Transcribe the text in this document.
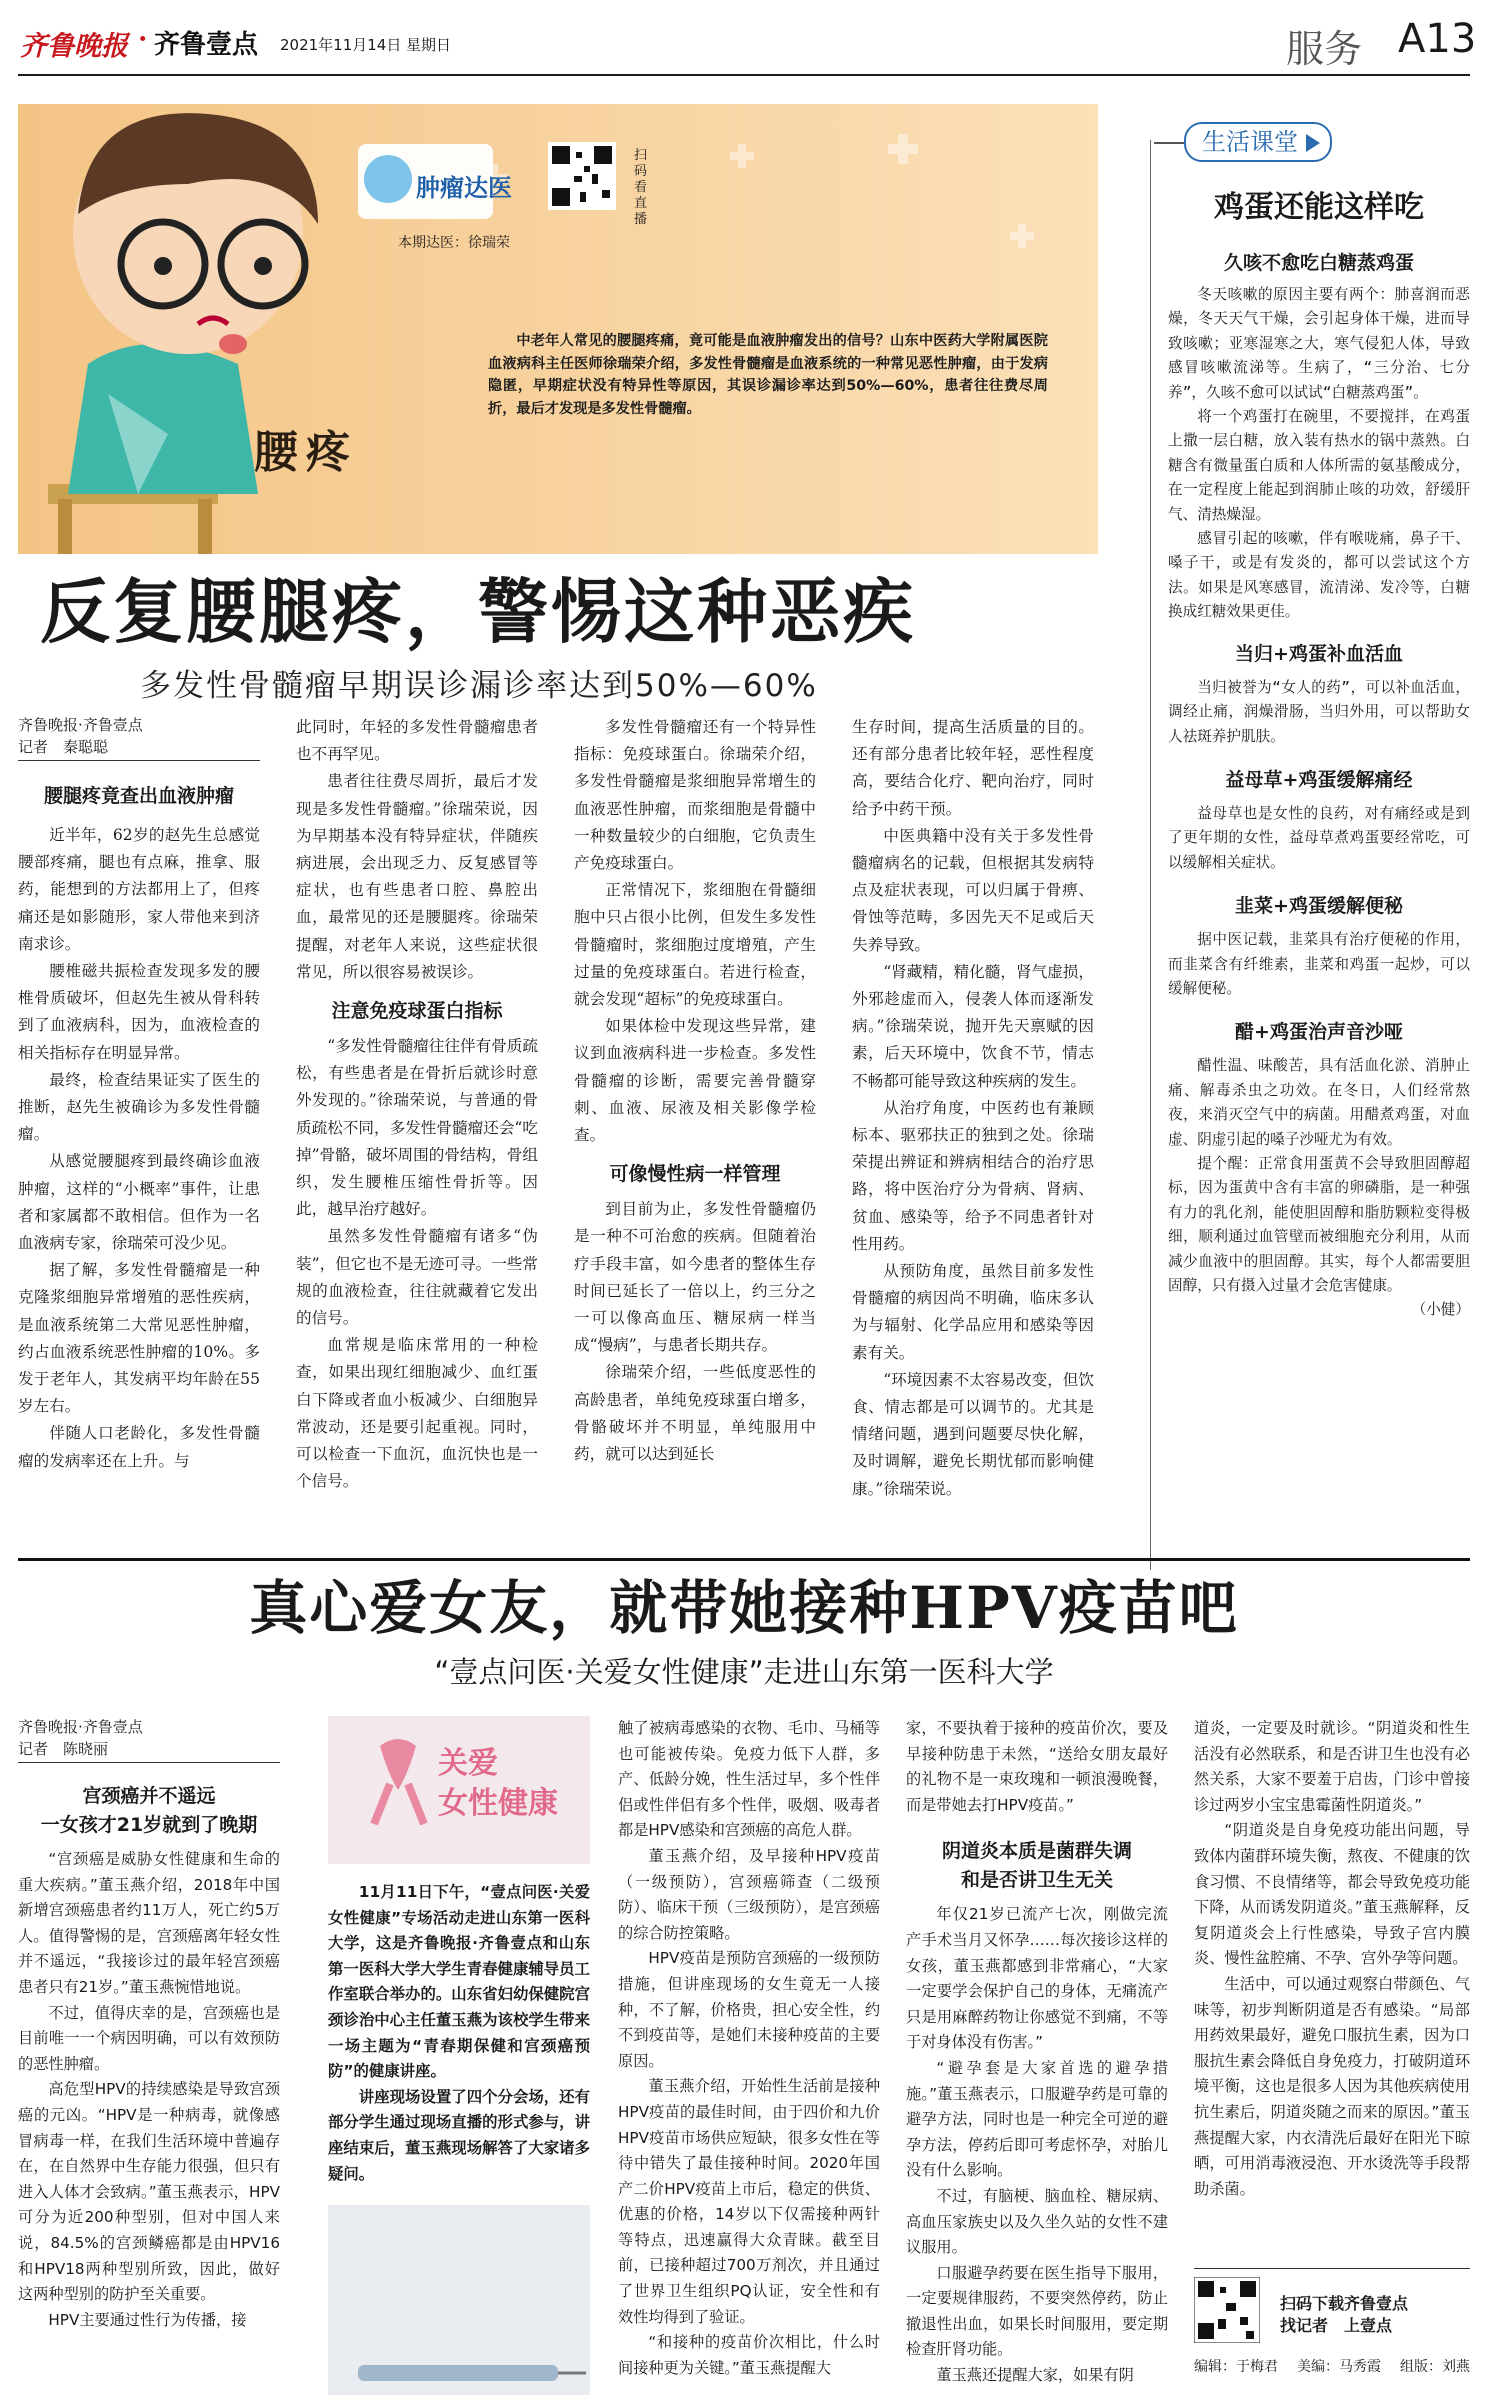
齐鲁晚报 · 齐鲁壹点 2021年11月14日 星期日	服务 A13
肿瘤达医
本期达医：徐瑞荣
扫码看直播
腰疼
中老年人常见的腰腿疼痛，竟可能是血液肿瘤发出的信号？山东中医药大学附属医院血液病科主任医师徐瑞荣介绍，多发性骨髓瘤是血液系统的一种常见恶性肿瘤，由于发病隐匿，早期症状没有特异性等原因，其误诊漏诊率达到50%—60%，患者往往费尽周折，最后才发现是多发性骨髓瘤。
反复腰腿疼，警惕这种恶疾
多发性骨髓瘤早期误诊漏诊率达到50%—60%
齐鲁晚报·齐鲁壹点
记者　秦聪聪
腰腿疼竟查出血液肿瘤

近半年，62岁的赵先生总感觉腰部疼痛，腿也有点麻，推拿、服药，能想到的方法都用上了，但疼痛还是如影随形，家人带他来到济南求诊。

腰椎磁共振检查发现多发的腰椎骨质破坏，但赵先生被从骨科转到了血液病科，因为，血液检查的相关指标存在明显异常。

最终，检查结果证实了医生的推断，赵先生被确诊为多发性骨髓瘤。

从感觉腰腿疼到最终确诊血液肿瘤，这样的“小概率”事件，让患者和家属都不敢相信。但作为一名血液病专家，徐瑞荣可没少见。

据了解，多发性骨髓瘤是一种克隆浆细胞异常增殖的恶性疾病，是血液系统第二大常见恶性肿瘤，约占血液系统恶性肿瘤的10%。多发于老年人，其发病平均年龄在55岁左右。

伴随人口老龄化，多发性骨髓瘤的发病率还在上升。与

此同时，年轻的多发性骨髓瘤患者也不再罕见。

患者往往费尽周折，最后才发现是多发性骨髓瘤。”徐瑞荣说，因为早期基本没有特异症状，伴随疾病进展，会出现乏力、反复感冒等症状，也有些患者口腔、鼻腔出血，最常见的还是腰腿疼。徐瑞荣提醒，对老年人来说，这些症状很常见，所以很容易被误诊。

注意免疫球蛋白指标

“多发性骨髓瘤往往伴有骨质疏松，有些患者是在骨折后就诊时意外发现的。”徐瑞荣说，与普通的骨质疏松不同，多发性骨髓瘤还会“吃掉”骨骼，破坏周围的骨结构，骨组织，发生腰椎压缩性骨折等。因此，越早治疗越好。

虽然多发性骨髓瘤有诸多“伪装”，但它也不是无迹可寻。一些常规的血液检查，往往就藏着它发出的信号。

血常规是临床常用的一种检查，如果出现红细胞减少、血红蛋白下降或者血小板减少、白细胞异常波动，还是要引起重视。同时，可以检查一下血沉，血沉快也是一个信号。

多发性骨髓瘤还有一个特异性指标：免疫球蛋白。徐瑞荣介绍，多发性骨髓瘤是浆细胞异常增生的血液恶性肿瘤，而浆细胞是骨髓中一种数量较少的白细胞，它负责生产免疫球蛋白。

正常情况下，浆细胞在骨髓细胞中只占很小比例，但发生多发性骨髓瘤时，浆细胞过度增殖，产生过量的免疫球蛋白。若进行检查，就会发现“超标”的免疫球蛋白。

如果体检中发现这些异常，建议到血液病科进一步检查。多发性骨髓瘤的诊断，需要完善骨髓穿刺、血液、尿液及相关影像学检查。

可像慢性病一样管理

到目前为止，多发性骨髓瘤仍是一种不可治愈的疾病。但随着治疗手段丰富，如今患者的整体生存时间已延长了一倍以上，约三分之一可以像高血压、糖尿病一样当成“慢病”，与患者长期共存。

徐瑞荣介绍，一些低度恶性的高龄患者，单纯免疫球蛋白增多，骨骼破坏并不明显，单纯服用中药，就可以达到延长

生存时间，提高生活质量的目的。还有部分患者比较年轻，恶性程度高，要结合化疗、靶向治疗，同时给予中药干预。

中医典籍中没有关于多发性骨髓瘤病名的记载，但根据其发病特点及症状表现，可以归属于骨痹、骨蚀等范畴，多因先天不足或后天失养导致。

“肾藏精，精化髓，肾气虚损，外邪趁虚而入，侵袭人体而逐渐发病。”徐瑞荣说，抛开先天禀赋的因素，后天环境中，饮食不节，情志不畅都可能导致这种疾病的发生。

从治疗角度，中医药也有兼顾标本、驱邪扶正的独到之处。徐瑞荣提出辨证和辨病相结合的治疗思路，将中医治疗分为骨病、肾病、贫血、感染等，给予不同患者针对性用药。

从预防角度，虽然目前多发性骨髓瘤的病因尚不明确，临床多认为与辐射、化学品应用和感染等因素有关。

“环境因素不太容易改变，但饮食、情志都是可以调节的。尤其是情绪问题，遇到问题要尽快化解，及时调解，避免长期忧郁而影响健康。”徐瑞荣说。

生活课堂
鸡蛋还能这样吃
久咳不愈吃白糖蒸鸡蛋

冬天咳嗽的原因主要有两个：肺喜润而恶燥，冬天天气干燥，会引起身体干燥，进而导致咳嗽；亚寒湿寒之大，寒气侵犯人体，导致感冒咳嗽流涕等。生病了，“三分治、七分养”，久咳不愈可以试试“白糖蒸鸡蛋”。

将一个鸡蛋打在碗里，不要搅拌，在鸡蛋上撒一层白糖，放入装有热水的锅中蒸熟。白糖含有微量蛋白质和人体所需的氨基酸成分，在一定程度上能起到润肺止咳的功效，舒缓肝气、清热燥湿。

感冒引起的咳嗽，伴有喉咙痛，鼻子干、嗓子干，或是有发炎的，都可以尝试这个方法。如果是风寒感冒，流清涕、发冷等，白糖换成红糖效果更佳。

当归+鸡蛋补血活血

当归被誉为“女人的药”，可以补血活血，调经止痛，润燥滑肠，当归外用，可以帮助女人祛斑养护肌肤。

益母草+鸡蛋缓解痛经

益母草也是女性的良药，对有痛经或是到了更年期的女性，益母草煮鸡蛋要经常吃，可以缓解相关症状。

韭菜+鸡蛋缓解便秘

据中医记载，韭菜具有治疗便秘的作用，而韭菜含有纤维素，韭菜和鸡蛋一起炒，可以缓解便秘。

醋+鸡蛋治声音沙哑

醋性温、味酸苦，具有活血化淤、消肿止痛、解毒杀虫之功效。在冬日，人们经常熬夜，来消灭空气中的病菌。用醋煮鸡蛋，对血虚、阴虚引起的嗓子沙哑尤为有效。

提个醒：正常食用蛋黄不会导致胆固醇超标，因为蛋黄中含有丰富的卵磷脂，是一种强有力的乳化剂，能使胆固醇和脂肪颗粒变得极细，顺利通过血管壁而被细胞充分利用，从而减少血液中的胆固醇。其实，每个人都需要胆固醇，只有摄入过量才会危害健康。

（小健）
真心爱女友，就带她接种HPV疫苗吧
“壹点问医·关爱女性健康”走进山东第一医科大学
齐鲁晚报·齐鲁壹点
记者　陈晓丽
宫颈癌并不遥远
一女孩才21岁就到了晚期

“宫颈癌是威胁女性健康和生命的重大疾病。”董玉燕介绍，2018年中国新增宫颈癌患者约11万人，死亡约5万人。值得警惕的是，宫颈癌离年轻女性并不遥远，“我接诊过的最年轻宫颈癌患者只有21岁。”董玉燕惋惜地说。

不过，值得庆幸的是，宫颈癌也是目前唯一一个病因明确，可以有效预防的恶性肿瘤。

高危型HPV的持续感染是导致宫颈癌的元凶。“HPV是一种病毒，就像感冒病毒一样，在我们生活环境中普遍存在，在自然界中生存能力很强，但只有进入人体才会致病。”董玉燕表示，HPV可分为近200种型别，但对中国人来说，84.5%的宫颈鳞癌都是由HPV16和HPV18两种型别所致，因此，做好这两种型别的防护至关重要。

HPV主要通过性行为传播，接

关爱
女性健康
11月11日下午，“壹点问医·关爱女性健康”专场活动走进山东第一医科大学，这是齐鲁晚报·齐鲁壹点和山东第一医科大学大学生青春健康辅导员工作室联合举办的。山东省妇幼保健院宫颈诊治中心主任董玉燕为该校学生带来一场主题为“青春期保健和宫颈癌预防”的健康讲座。

讲座现场设置了四个分会场，还有部分学生通过现场直播的形式参与，讲座结束后，董玉燕现场解答了大家诸多疑问。

触了被病毒感染的衣物、毛巾、马桶等也可能被传染。免疫力低下人群，多产、低龄分娩，性生活过早，多个性伴侣或性伴侣有多个性伴，吸烟、吸毒者都是HPV感染和宫颈癌的高危人群。

董玉燕介绍，及早接种HPV疫苗（一级预防），宫颈癌筛查（二级预防）、临床干预（三级预防），是宫颈癌的综合防控策略。

HPV疫苗是预防宫颈癌的一级预防措施，但讲座现场的女生竟无一人接种，不了解，价格贵，担心安全性，约不到疫苗等，是她们未接种疫苗的主要原因。

董玉燕介绍，开始性生活前是接种HPV疫苗的最佳时间，由于四价和九价HPV疫苗市场供应短缺，很多女性在等待中错失了最佳接种时间。2020年国产二价HPV疫苗上市后，稳定的供货、优惠的价格，14岁以下仅需接种两针等特点，迅速赢得大众青睐。截至目前，已接种超过700万剂次，并且通过了世界卫生组织PQ认证，安全性和有效性均得到了验证。

“和接种的疫苗价次相比，什么时间接种更为关键。”董玉燕提醒大

家，不要执着于接种的疫苗价次，要及早接种防患于未然，“送给女朋友最好的礼物不是一束玫瑰和一顿浪漫晚餐，而是带她去打HPV疫苗。”

阴道炎本质是菌群失调
和是否讲卫生无关

年仅21岁已流产七次，刚做完流产手术当月又怀孕……每次接诊这样的女孩，董玉燕都感到非常痛心，“大家一定要学会保护自己的身体，无痛流产只是用麻醉药物让你感觉不到痛，不等于对身体没有伤害。”

“避孕套是大家首选的避孕措施。”董玉燕表示，口服避孕药是可靠的避孕方法，同时也是一种完全可逆的避孕方法，停药后即可考虑怀孕，对胎儿没有什么影响。

不过，有脑梗、脑血栓、糖尿病、高血压家族史以及久坐久站的女性不建议服用。

口服避孕药要在医生指导下服用，一定要规律服药，不要突然停药，防止撤退性出血，如果长时间服用，要定期检查肝肾功能。

董玉燕还提醒大家，如果有阴

道炎，一定要及时就诊。“阴道炎和性生活没有必然联系，和是否讲卫生也没有必然关系，大家不要羞于启齿，门诊中曾接诊过两岁小宝宝患霉菌性阴道炎。”

“阴道炎是自身免疫功能出问题，导致体内菌群环境失衡，熬夜、不健康的饮食习惯、不良情绪等，都会导致免疫功能下降，从而诱发阴道炎。”董玉燕解释，反复阴道炎会上行性感染，导致子宫内膜炎、慢性盆腔痛、不孕、宫外孕等问题。

生活中，可以通过观察白带颜色、气味等，初步判断阴道是否有感染。“局部用药效果最好，避免口服抗生素，因为口服抗生素会降低自身免疫力，打破阴道环境平衡，这也是很多人因为其他疾病使用抗生素后，阴道炎随之而来的原因。”董玉燕提醒大家，内衣清洗后最好在阳光下晾晒，可用消毒液浸泡、开水烫洗等手段帮助杀菌。

扫码下载齐鲁壹点
找记者　上壹点
编辑：于梅君 美编：马秀霞 组版：刘燕
